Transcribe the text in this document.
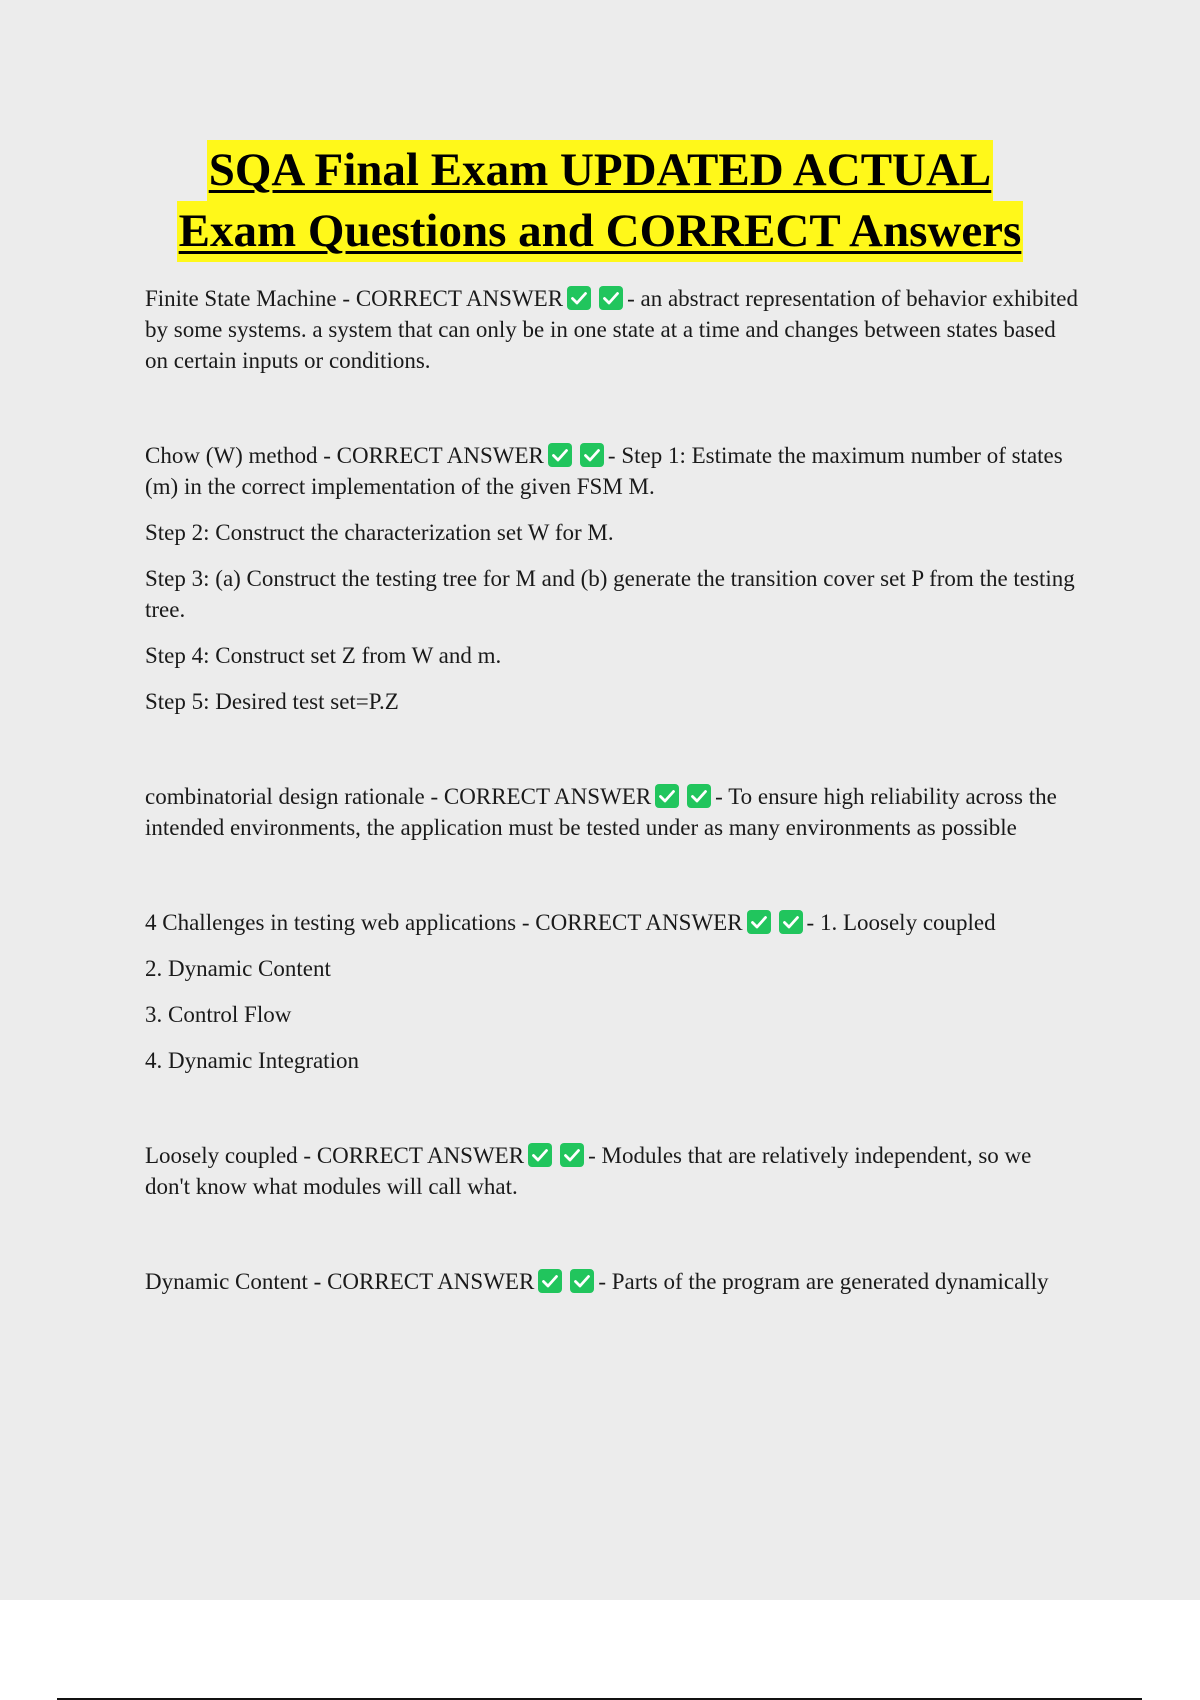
SQA Final Exam UPDATED ACTUAL
Exam Questions and CORRECT Answers

Finite State Machine - CORRECT ANSWER	- an abstract representation of behavior exhibited by some systems. a system that can only be in one state at a time and changes between states based on certain inputs or conditions.

Chow (W) method - CORRECT ANSWER	- Step 1: Estimate the maximum number of states (m) in the correct implementation of the given FSM M.

Step 2: Construct the characterization set W for M.

Step 3: (a) Construct the testing tree for M and (b) generate the transition cover set P from the testing tree.

Step 4: Construct set Z from W and m.

Step 5: Desired test set=P.Z

combinatorial design rationale - CORRECT ANSWER	- To ensure high reliability across the intended environments, the application must be tested under as many environments as possible

4 Challenges in testing web applications - CORRECT ANSWER	- 1. Loosely coupled

2. Dynamic Content

3. Control Flow

4. Dynamic Integration

Loosely coupled - CORRECT ANSWER	- Modules that are relatively independent, so we don't know what modules will call what.

Dynamic Content - CORRECT ANSWER	- Parts of the program are generated dynamically
